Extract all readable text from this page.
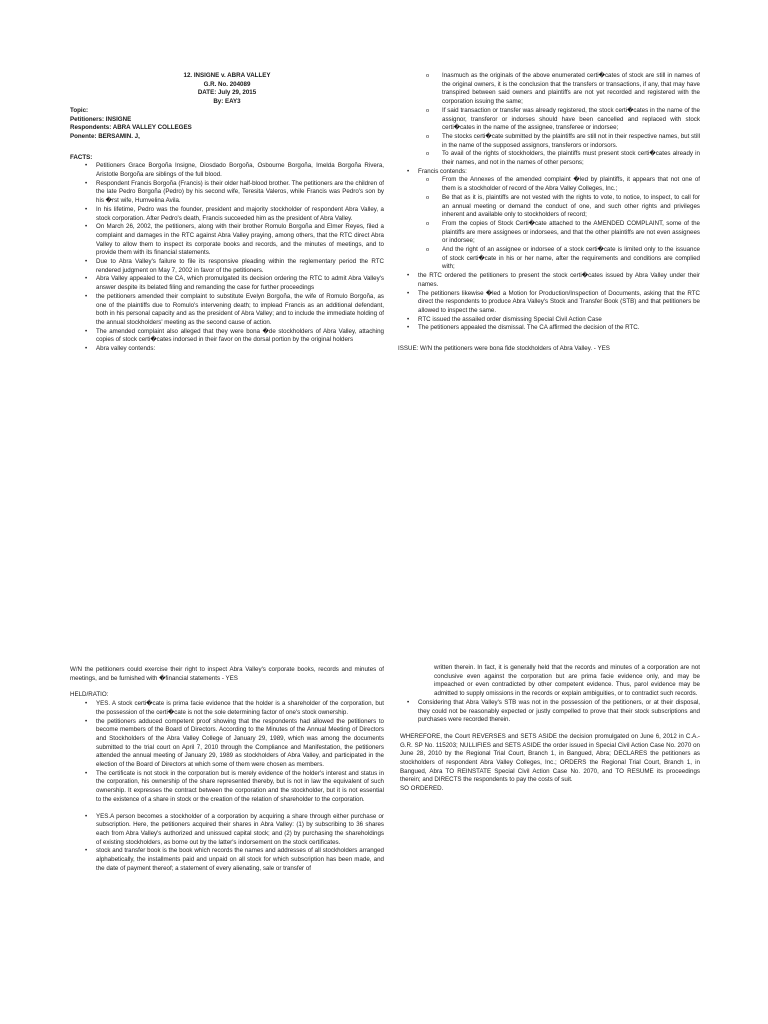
12. INSIGNE v. ABRA VALLEY
G.R. No. 204089
DATE: July 29, 2015
By: EAY3
Topic:
Petitioners: INSIGNE
Respondents: ABRA VALLEY COLLEGES
Ponente: BERSAMIN. J,

FACTS:

• Petitioners Grace Borgoña Insigne, Diosdado Borgoña, Osbourne Borgoña, Imelda Borgoña Rivera, Aristotle Borgoña are siblings of the full blood.
• Respondent Francis Borgoña (Francis) is their older half-blood brother. The petitioners are the children of the late Pedro Borgoña (Pedro) by his second wife, Teresita Valeros, while Francis was Pedro's son by his �rst wife, Humvelina Avila.
• In his lifetime, Pedro was the founder, president and majority stockholder of respondent Abra Valley, a stock corporation. After Pedro's death, Francis succeeded him as the president of Abra Valley.
• On March 26, 2002, the petitioners, along with their brother Romulo Borgoña and Elmer Reyes, filed a complaint and damages in the RTC against Abra Valley praying, among others, that the RTC direct Abra Valley to allow them to inspect its corporate books and records, and the minutes of meetings, and to provide them with its financial statements.
• Due to Abra Valley's failure to file its responsive pleading within the reglementary period the RTC rendered judgment on May 7, 2002 in favor of the petitioners.
• Abra Valley appealed to the CA, which promulgated its decision ordering the RTC to admit Abra Valley's answer despite its belated filing and remanding the case for further proceedings
• the petitioners amended their complaint to substitute Evelyn Borgoña, the wife of Romulo Borgoña, as one of the plaintiffs due to Romulo's intervening death; to implead Francis as an additional defendant, both in his personal capacity and as the president of Abra Valley; and to include the immediate holding of the annual stockholders' meeting as the second cause of action.
• The amended complaint also alleged that they were bona �de stockholders of Abra Valley, attaching copies of stock certi�cates indorsed in their favor on the dorsal portion by the original holders
• Abra valley contends:
o Inasmuch as the originals of the above enumerated certi�cates of stock are still in names of the original owners, it is the conclusion that the transfers or transactions, if any, that may have transpired between said owners and plaintiffs are not yet recorded and registered with the corporation issuing the same;
o If said transaction or transfer was already registered, the stock certi�cates in the name of the assignor, transferor or indorses should have been cancelled and replaced with stock certi�cates in the name of the assignee, transferee or indorsee;
o The stocks certi�cate submitted by the plaintiffs are still not in their respective names, but still in the name of the supposed assignors, transferors or indorsors.
o To avail of the rights of stockholders, the plaintiffs must present stock certi�cates already in their names, and not in the names of other persons;
• Francis contends:
o From the Annexes of the amended complaint �led by plaintiffs, it appears that not one of them is a stockholder of record of the Abra Valley Colleges, Inc.;
o Be that as it is, plaintiffs are not vested with the rights to vote, to notice, to inspect, to call for an annual meeting or demand the conduct of one, and such other rights and privileges inherent and available only to stockholders of record;
o From the copies of Stock Certi�cate attached to the AMENDED COMPLAINT, some of the plaintiffs are mere assignees or indorsees, and that the other plaintiffs are not even assignees or indorsee;
o And the right of an assignee or indorsee of a stock certi�cate is limited only to the issuance of stock certi�cate in his or her name, after the requirements and conditions are complied with;
• the RTC ordered the petitioners to present the stock certi�cates issued by Abra Valley under their names.
• The petitioners likewise �led a Motion for Production/Inspection of Documents, asking that the RTC direct the respondents to produce Abra Valley's Stock and Transfer Book (STB) and that petitioners be allowed to inspect the same.
• RTC issued the assailed order dismissing Special Civil Action Case
• The petitioners appealed the dismissal. The CA affirmed the decision of the RTC.

ISSUE: W/N the petitioners were bona fide stockholders of Abra Valley. - YES

W/N the petitioners could exercise their right to inspect Abra Valley's corporate books, records and minutes of meetings, and be furnished with �financial statements - YES

HELD/RATIO:

• YES. A stock certi�cate is prima facie evidence that the holder is a shareholder of the corporation, but the possession of the certi�cate is not the sole determining factor of one's stock ownership.
• the petitioners adduced competent proof showing that the respondents had allowed the petitioners to become members of the Board of Directors. According to the Minutes of the Annual Meeting of Directors and Stockholders of the Abra Valley College of January 29, 1989, which was among the documents submitted to the trial court on April 7, 2010 through the Compliance and Manifestation, the petitioners attended the annual meeting of January 29, 1989 as stockholders of Abra Valley, and participated in the election of the Board of Directors at which some of them were chosen as members.
• The certificate is not stock in the corporation but is merely evidence of the holder's interest and status in the corporation, his ownership of the share represented thereby, but is not in law the equivalent of such ownership. It expresses the contract between the corporation and the stockholder, but it is not essential to the existence of a share in stock or the creation of the relation of shareholder to the corporation.
• YES.A person becomes a stockholder of a corporation by acquiring a share through either purchase or subscription. Here, the petitioners acquired their shares in Abra Valley: (1) by subscribing to 36 shares each from Abra Valley's authorized and unissued capital stock; and (2) by purchasing the shareholdings of existing stockholders, as borne out by the latter's indorsement on the stock certificates.
• stock and transfer book is the book which records the names and addresses of all stockholders arranged alphabetically, the installments paid and unpaid on all stock for which subscription has been made, and the date of payment thereof; a statement of every alienating, sale or transfer of

written therein. In fact, it is generally held that the records and minutes of a corporation are not conclusive even against the corporation but are prima facie evidence only, and may be impeached or even contradicted by other competent evidence. Thus, parol evidence may be admitted to supply omissions in the records or explain ambiguities, or to contradict such records.

• Considering that Abra Valley's STB was not in the possession of the petitioners, or at their disposal, they could not be reasonably expected or justly compelled to prove that their stock subscriptions and purchases were recorded therein.

WHEREFORE, the Court REVERSES and SETS ASIDE the decision promulgated on June 6, 2012 in C.A.-G.R. SP No. 115203; NULLIFIES and SETS ASIDE the order issued in Special Civil Action Case No. 2070 on June 28, 2010 by the Regional Trial Court, Branch 1, in Bangued, Abra; DECLARES the petitioners as stockholders of respondent Abra Valley Colleges, Inc.; ORDERS the Regional Trial Court, Branch 1, in Bangued, Abra TO REINSTATE Special Civil Action Case No. 2070, and TO RESUME its proceedings therein; and DIRECTS the respondents to pay the costs of suit.

SO ORDERED.
